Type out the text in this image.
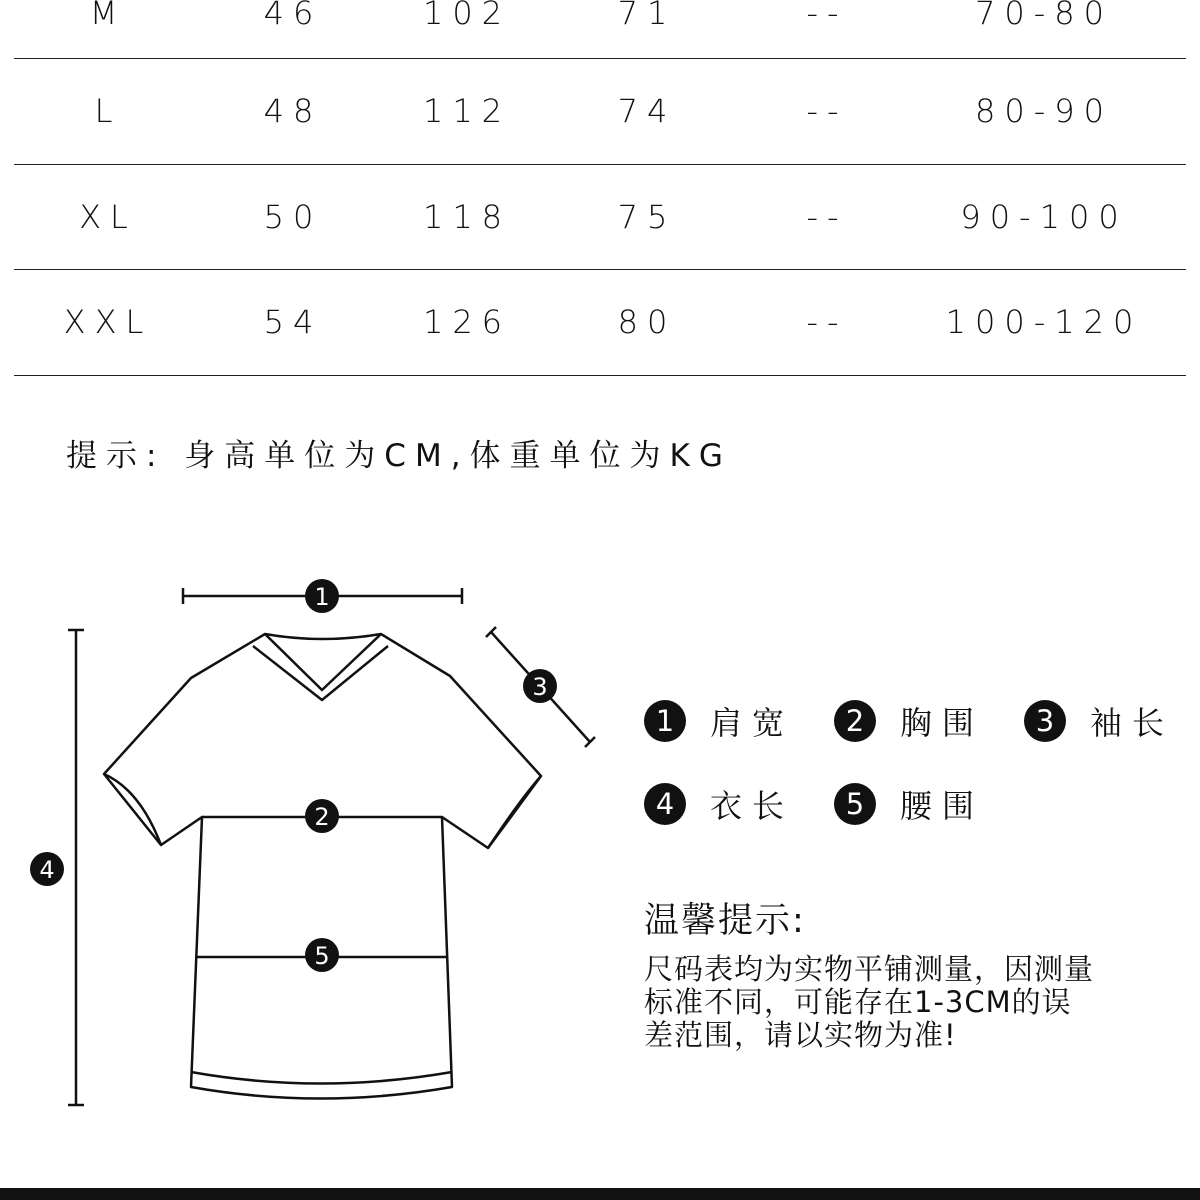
M	46	102	71	--	70-80
L	48	112	74	--	80-90
XL	50	118	75	--	90-100
XXL	54	126	80	--	100-120
提示: 身高单位为CM,体重单位为KG
1
2
3
4
5
1	肩宽	2	胸围	3	袖长
4	衣长	5	腰围
温馨提示:
尺码表均为实物平铺测量，因测量
标准不同，可能存在1-3CM的误
差范围，请以实物为准!
